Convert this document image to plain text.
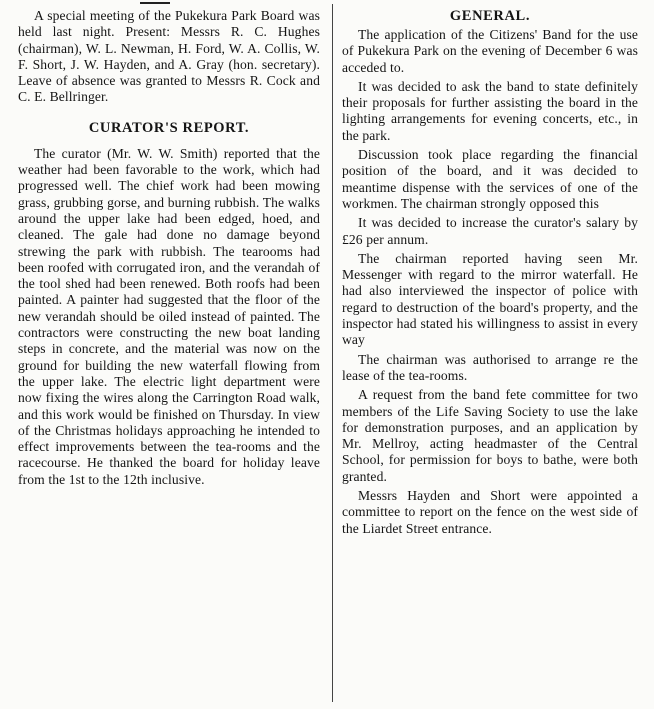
A special meeting of the Pukekura Park Board was held last night. Present: Messrs R. C. Hughes (chairman), W. L. Newman, H. Ford, W. A. Collis, W. F. Short, J. W. Hayden, and A. Gray (hon. secretary). Leave of absence was granted to Messrs R. Cock and C. E. Bellringer.

CURATOR'S REPORT.

The curator (Mr. W. W. Smith) reported that the weather had been favorable to the work, which had progressed well. The chief work had been mowing grass, grubbing gorse, and burning rubbish. The walks around the upper lake had been edged, hoed, and cleaned. The gale had done no damage beyond strewing the park with rubbish. The tearooms had been roofed with corrugated iron, and the verandah of the tool shed had been renewed. Both roofs had been painted. A painter had suggested that the floor of the new verandah should be oiled instead of painted. The contractors were constructing the new boat landing steps in concrete, and the material was now on the ground for building the new waterfall flowing from the upper lake. The electric light department were now fixing the wires along the Carrington Road walk, and this work would be finished on Thursday. In view of the Christmas holidays approaching he intended to effect improvements between the tea-rooms and the racecourse. He thanked the board for holiday leave from the 1st to the 12th inclusive.

GENERAL.

The application of the Citizens' Band for the use of Pukekura Park on the evening of December 6 was acceded to.

It was decided to ask the band to state definitely their proposals for further assisting the board in the lighting arrangements for evening concerts, etc., in the park.

Discussion took place regarding the financial position of the board, and it was decided to meantime dispense with the services of one of the workmen. The chairman strongly opposed this

It was decided to increase the curator's salary by £26 per annum.

The chairman reported having seen Mr. Messenger with regard to the mirror waterfall. He had also interviewed the inspector of police with regard to destruction of the board's property, and the inspector had stated his willingness to assist in every way

The chairman was authorised to arrange re the lease of the tea-rooms.

A request from the band fete committee for two members of the Life Saving Society to use the lake for demonstration purposes, and an application by Mr. Mellroy, acting headmaster of the Central School, for permission for boys to bathe, were both granted.

Messrs Hayden and Short were appointed a committee to report on the fence on the west side of the Liardet Street entrance.
